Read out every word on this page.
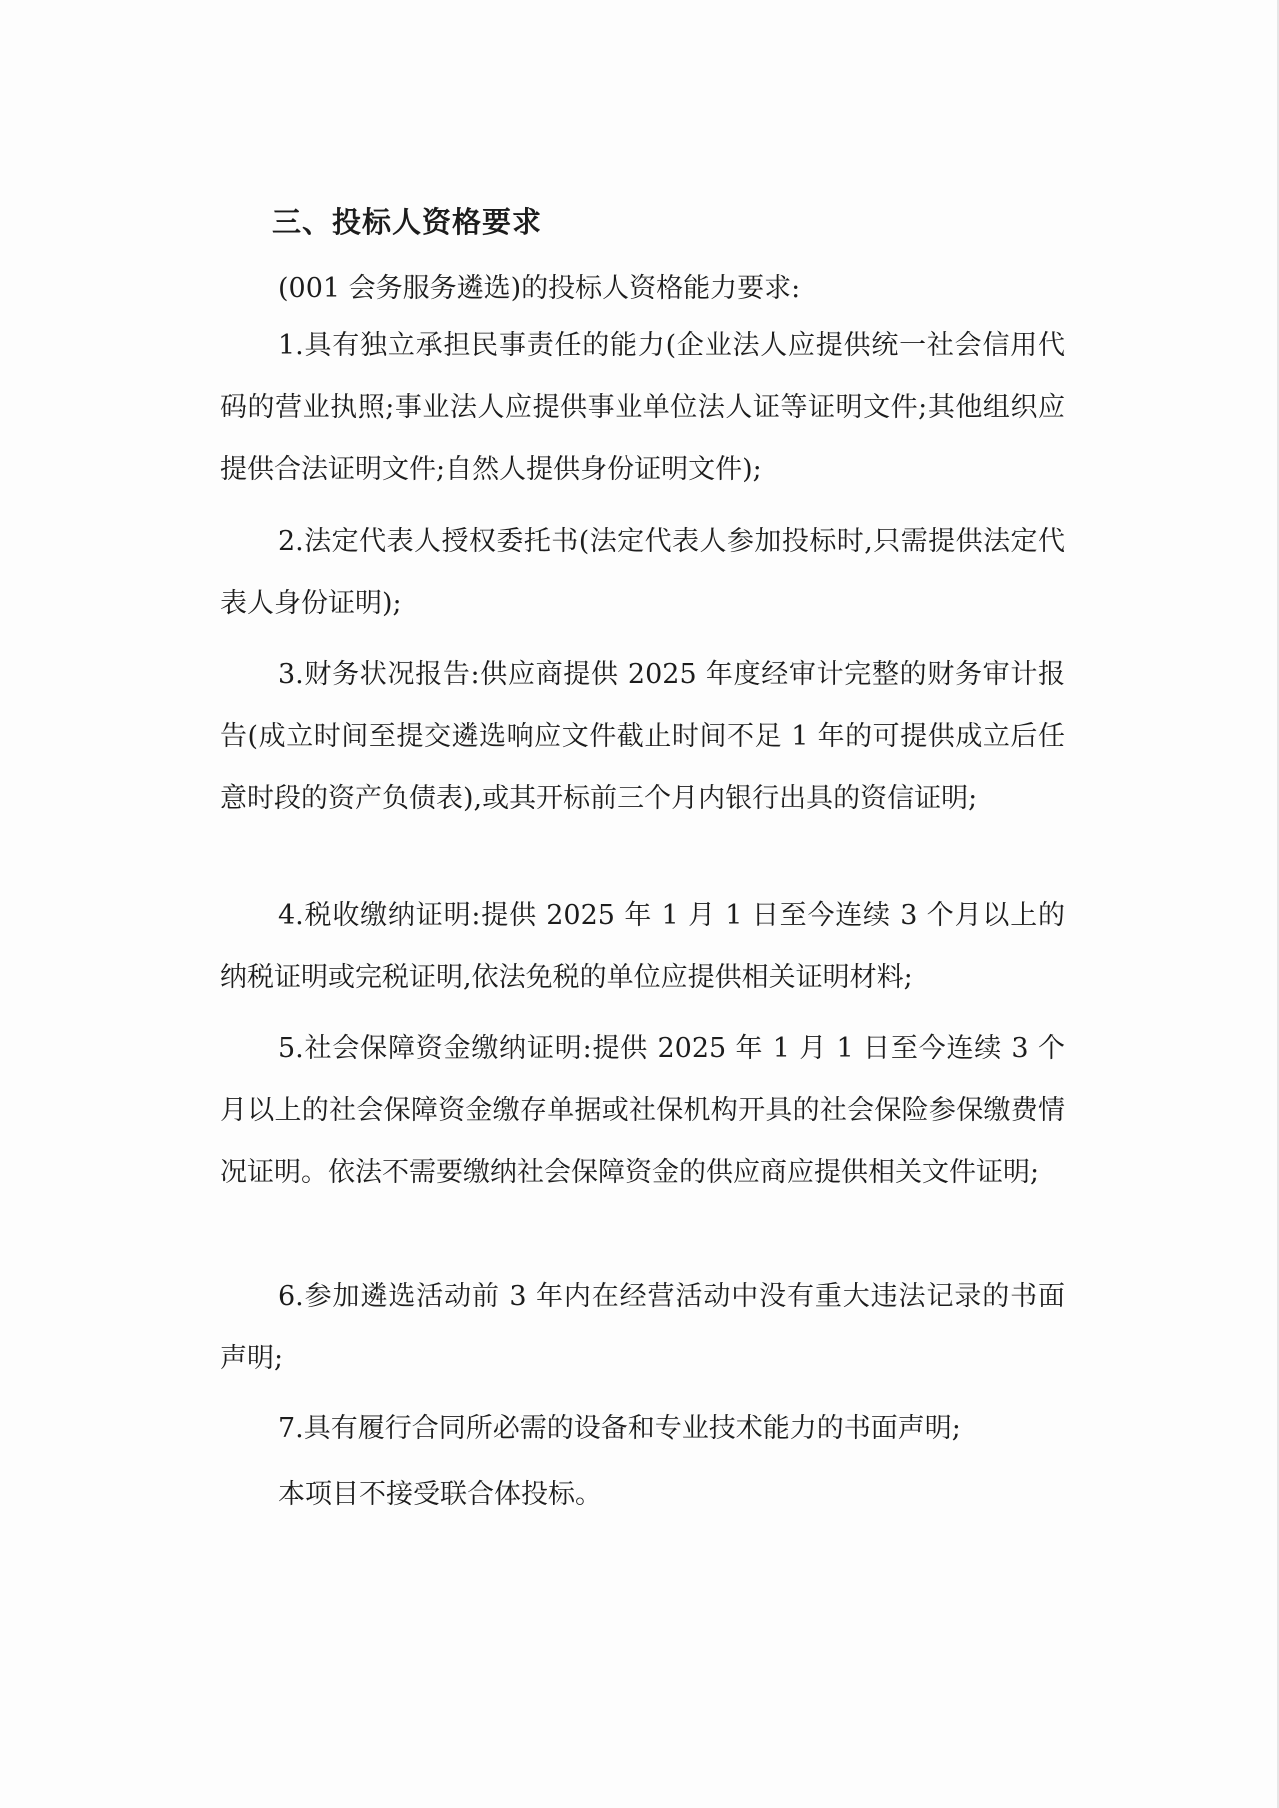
三、投标人资格要求
(001 会务服务遴选)的投标人资格能力要求:
1.具有独立承担民事责任的能力(企业法人应提供统一社会信用代码的营业执照;事业法人应提供事业单位法人证等证明文件;其他组织应提供合法证明文件;自然人提供身份证明文件);
2.法定代表人授权委托书(法定代表人参加投标时,只需提供法定代表人身份证明);
3.财务状况报告:供应商提供 2025 年度经审计完整的财务审计报告(成立时间至提交遴选响应文件截止时间不足 1 年的可提供成立后任意时段的资产负债表),或其开标前三个月内银行出具的资信证明;
4.税收缴纳证明:提供 2025 年 1 月 1 日至今连续 3 个月以上的纳税证明或完税证明,依法免税的单位应提供相关证明材料;
5.社会保障资金缴纳证明:提供 2025 年 1 月 1 日至今连续 3 个月以上的社会保障资金缴存单据或社保机构开具的社会保险参保缴费情况证明。依法不需要缴纳社会保障资金的供应商应提供相关文件证明;
6.参加遴选活动前 3 年内在经营活动中没有重大违法记录的书面声明;
7.具有履行合同所必需的设备和专业技术能力的书面声明;
本项目不接受联合体投标。
